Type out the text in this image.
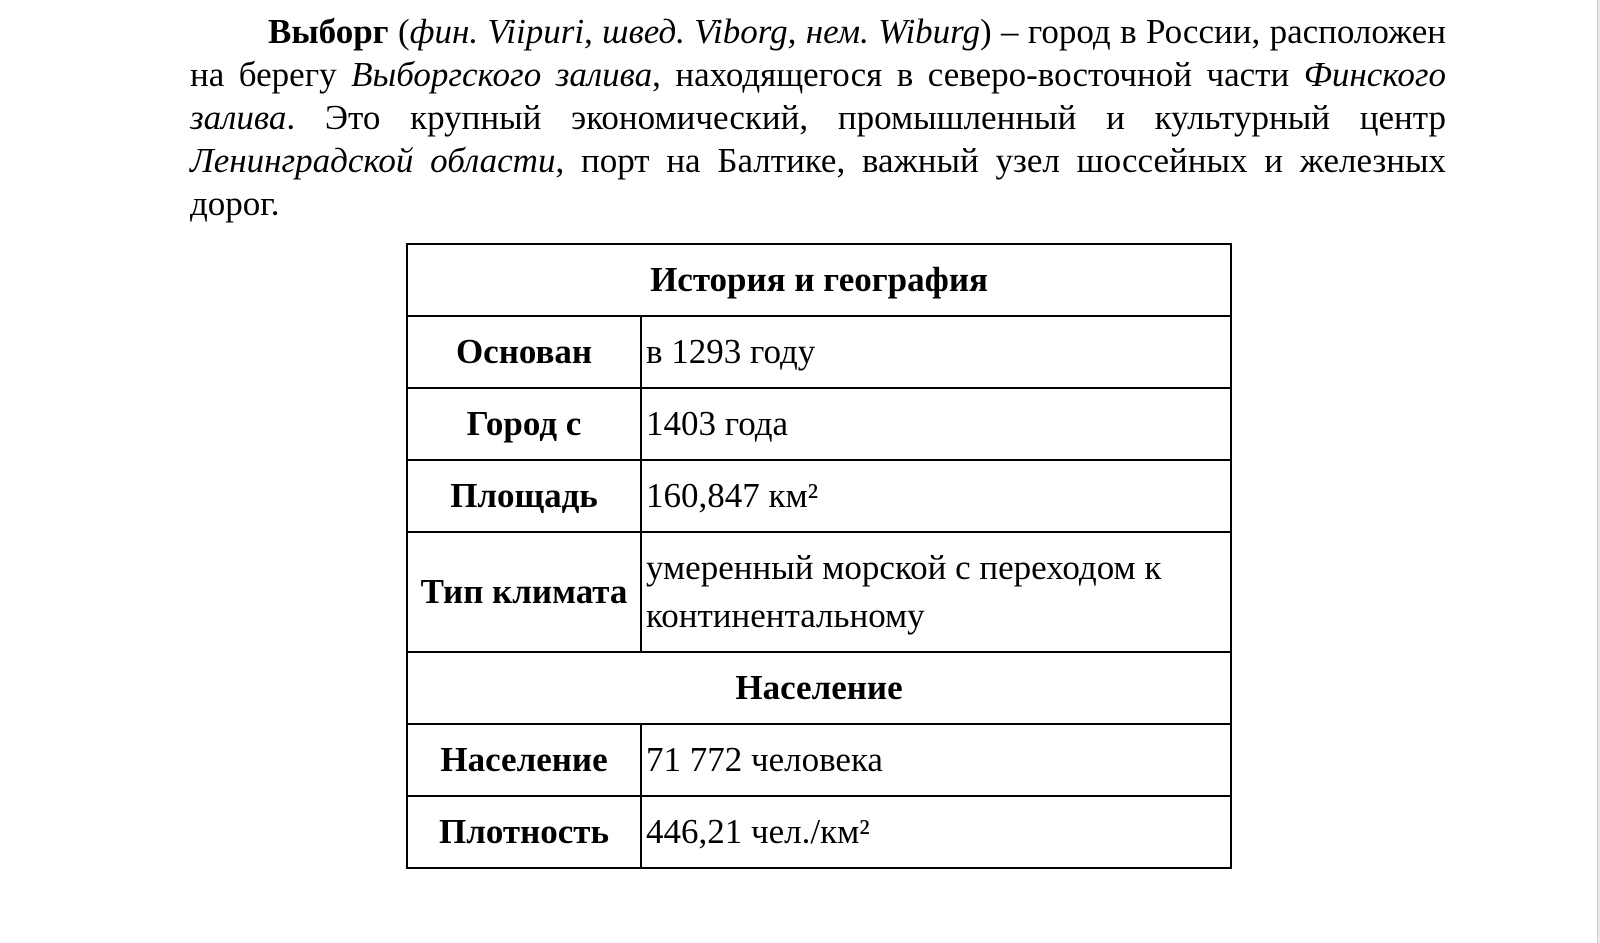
Выборг (фин. Viipuri, швед. Viborg, нем. Wiburg) – город в России, расположен на берегу Выборгского залива, находящегося в северо-восточной части Финского залива. Это крупный экономический, промышленный и культурный центр Ленинградской области, порт на Балтике, важный узел шоссейных и железных дорог.

История и география	
Основан	в 1293 году
Город с	1403 года
Площадь	160,847 км²
Тип климата	умеренный морской с переходом к континентальному
Население	
Население	71 772 человека
Плотность	446,21 чел./км²
